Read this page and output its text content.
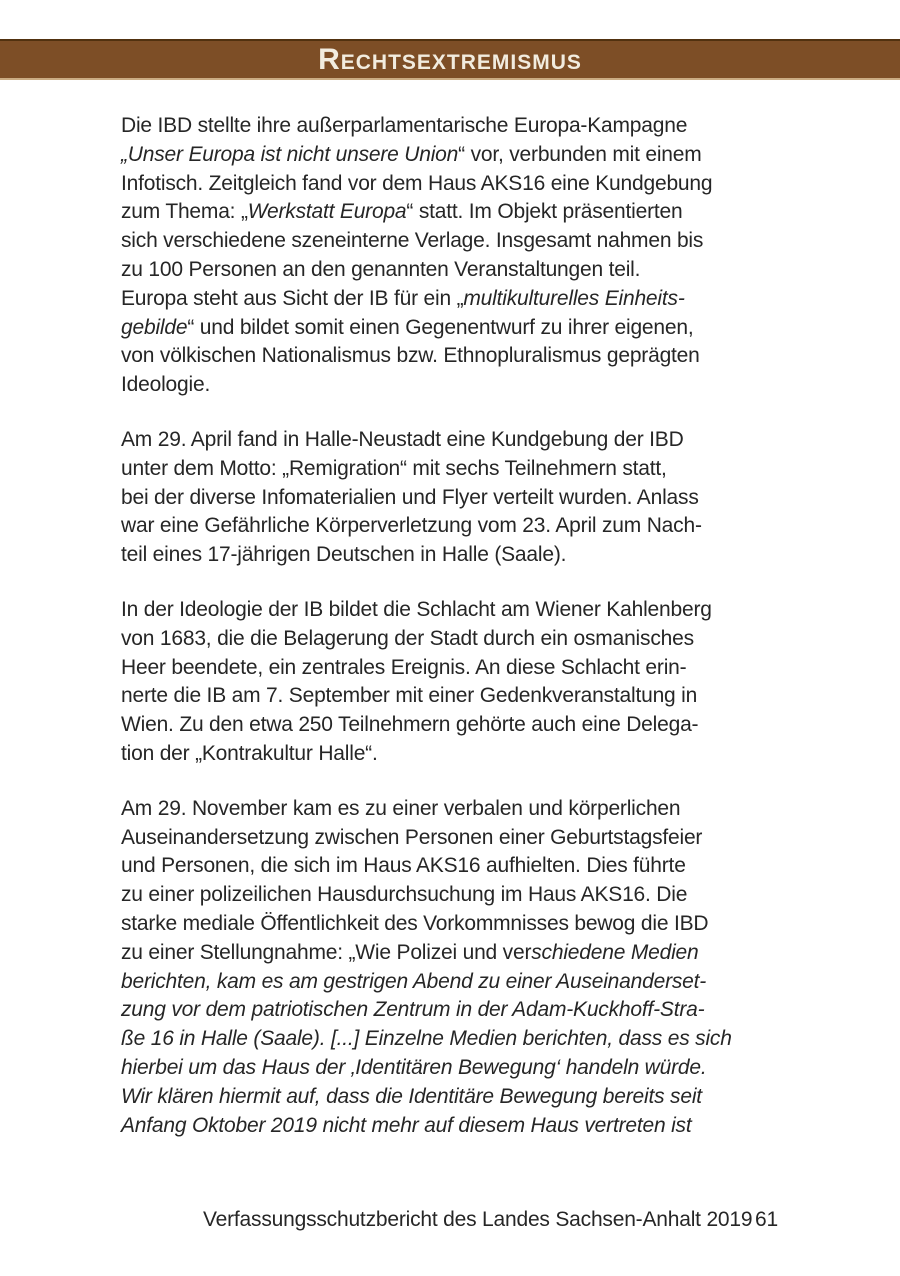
Rechtsextremismus
Die IBD stellte ihre außerparlamentarische Europa-Kampagne
„Unser Europa ist nicht unsere Union“ vor, verbunden mit einem
Infotisch. Zeitgleich fand vor dem Haus AKS16 eine Kundgebung
zum Thema: „Werkstatt Europa“ statt. Im Objekt präsentierten
sich verschiedene szeneinterne Verlage. Insgesamt nahmen bis
zu 100 Personen an den genannten Veranstaltungen teil.
Europa steht aus Sicht der IB für ein „multikulturelles Einheits-
gebilde“ und bildet somit einen Gegenentwurf zu ihrer eigenen,
von völkischen Nationalismus bzw. Ethnopluralismus geprägten
Ideologie.
Am 29. April fand in Halle-Neustadt eine Kundgebung der IBD
unter dem Motto: „Remigration“ mit sechs Teilnehmern statt,
bei der diverse Infomaterialien und Flyer verteilt wurden. Anlass
war eine Gefährliche Körperverletzung vom 23. April zum Nach-
teil eines 17-jährigen Deutschen in Halle (Saale).
In der Ideologie der IB bildet die Schlacht am Wiener Kahlenberg
von 1683, die die Belagerung der Stadt durch ein osmanisches
Heer beendete, ein zentrales Ereignis. An diese Schlacht erin-
nerte die IB am 7. September mit einer Gedenkveranstaltung in
Wien. Zu den etwa 250 Teilnehmern gehörte auch eine Delega-
tion der „Kontrakultur Halle“.
Am 29. November kam es zu einer verbalen und körperlichen
Auseinandersetzung zwischen Personen einer Geburtstagsfeier
und Personen, die sich im Haus AKS16 aufhielten. Dies führte
zu einer polizeilichen Hausdurchsuchung im Haus AKS16. Die
starke mediale Öffentlichkeit des Vorkommnisses bewog die IBD
zu einer Stellungnahme: „Wie Polizei und verschiedene Medien
berichten, kam es am gestrigen Abend zu einer Auseinanderset-
zung vor dem patriotischen Zentrum in der Adam-Kuckhoff-Stra-
ße 16 in Halle (Saale). [...] Einzelne Medien berichten, dass es sich
hierbei um das Haus der ‚Identitären Bewegung‘ handeln würde.
Wir klären hiermit auf, dass die Identitäre Bewegung bereits seit
Anfang Oktober 2019 nicht mehr auf diesem Haus vertreten ist
Verfassungsschutzbericht des Landes Sachsen-Anhalt 2019 61
